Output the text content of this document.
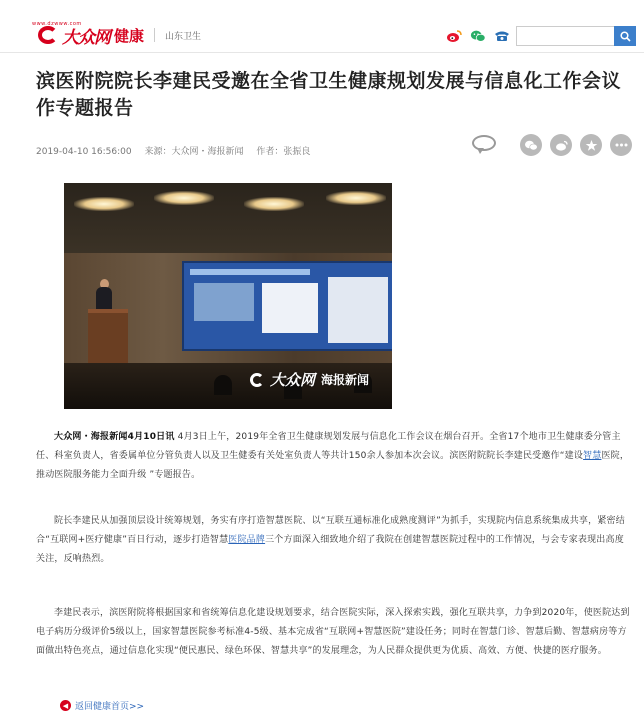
大众网 健康 山东卫生
www.dzwww.com
滨医附院院长李建民受邀在全省卫生健康规划发展与信息化工作会议作专题报告
2019-04-10 16:56:00 来源：大众网・海报新闻 作者：张振良
大众网 海报新闻

大众网・海报新闻4月10日讯 4月3日上午，2019年全省卫生健康规划发展与信息化工作会议在烟台召开。全省17个地市卫生健康委分管主任、科室负责人，省委属单位分管负责人以及卫生健委有关处室负责人等共计150余人参加本次会议。滨医附院院长李建民受邀作“建设智慧医院，推动医院服务能力全面升级 ”专题报告。

院长李建民从加强顶层设计统筹规划，务实有序打造智慧医院、以“互联互通标准化成熟度测评”为抓手，实现院内信息系统集成共享，紧密结合“互联网+医疗健康”百日行动，逐步打造智慧医院品牌三个方面深入细致地介绍了我院在创建智慧医院过程中的工作情况，与会专家表现出高度关注，反响热烈。

李建民表示，滨医附院将根据国家和省统筹信息化建设规划要求，结合医院实际，深入探索实践，强化互联共享，力争到2020年，使医院达到电子病历分级评价5级以上，国家智慧医院参考标准4-5级、基本完成省“互联网+智慧医院”建设任务；同时在智慧门诊、智慧后勤、智慧病房等方面做出特色亮点，通过信息化实现“便民惠民、绿色环保、智慧共享”的发展理念，为人民群众提供更为优质、高效、方便、快捷的医疗服务。

◀ 返回健康首页>>
